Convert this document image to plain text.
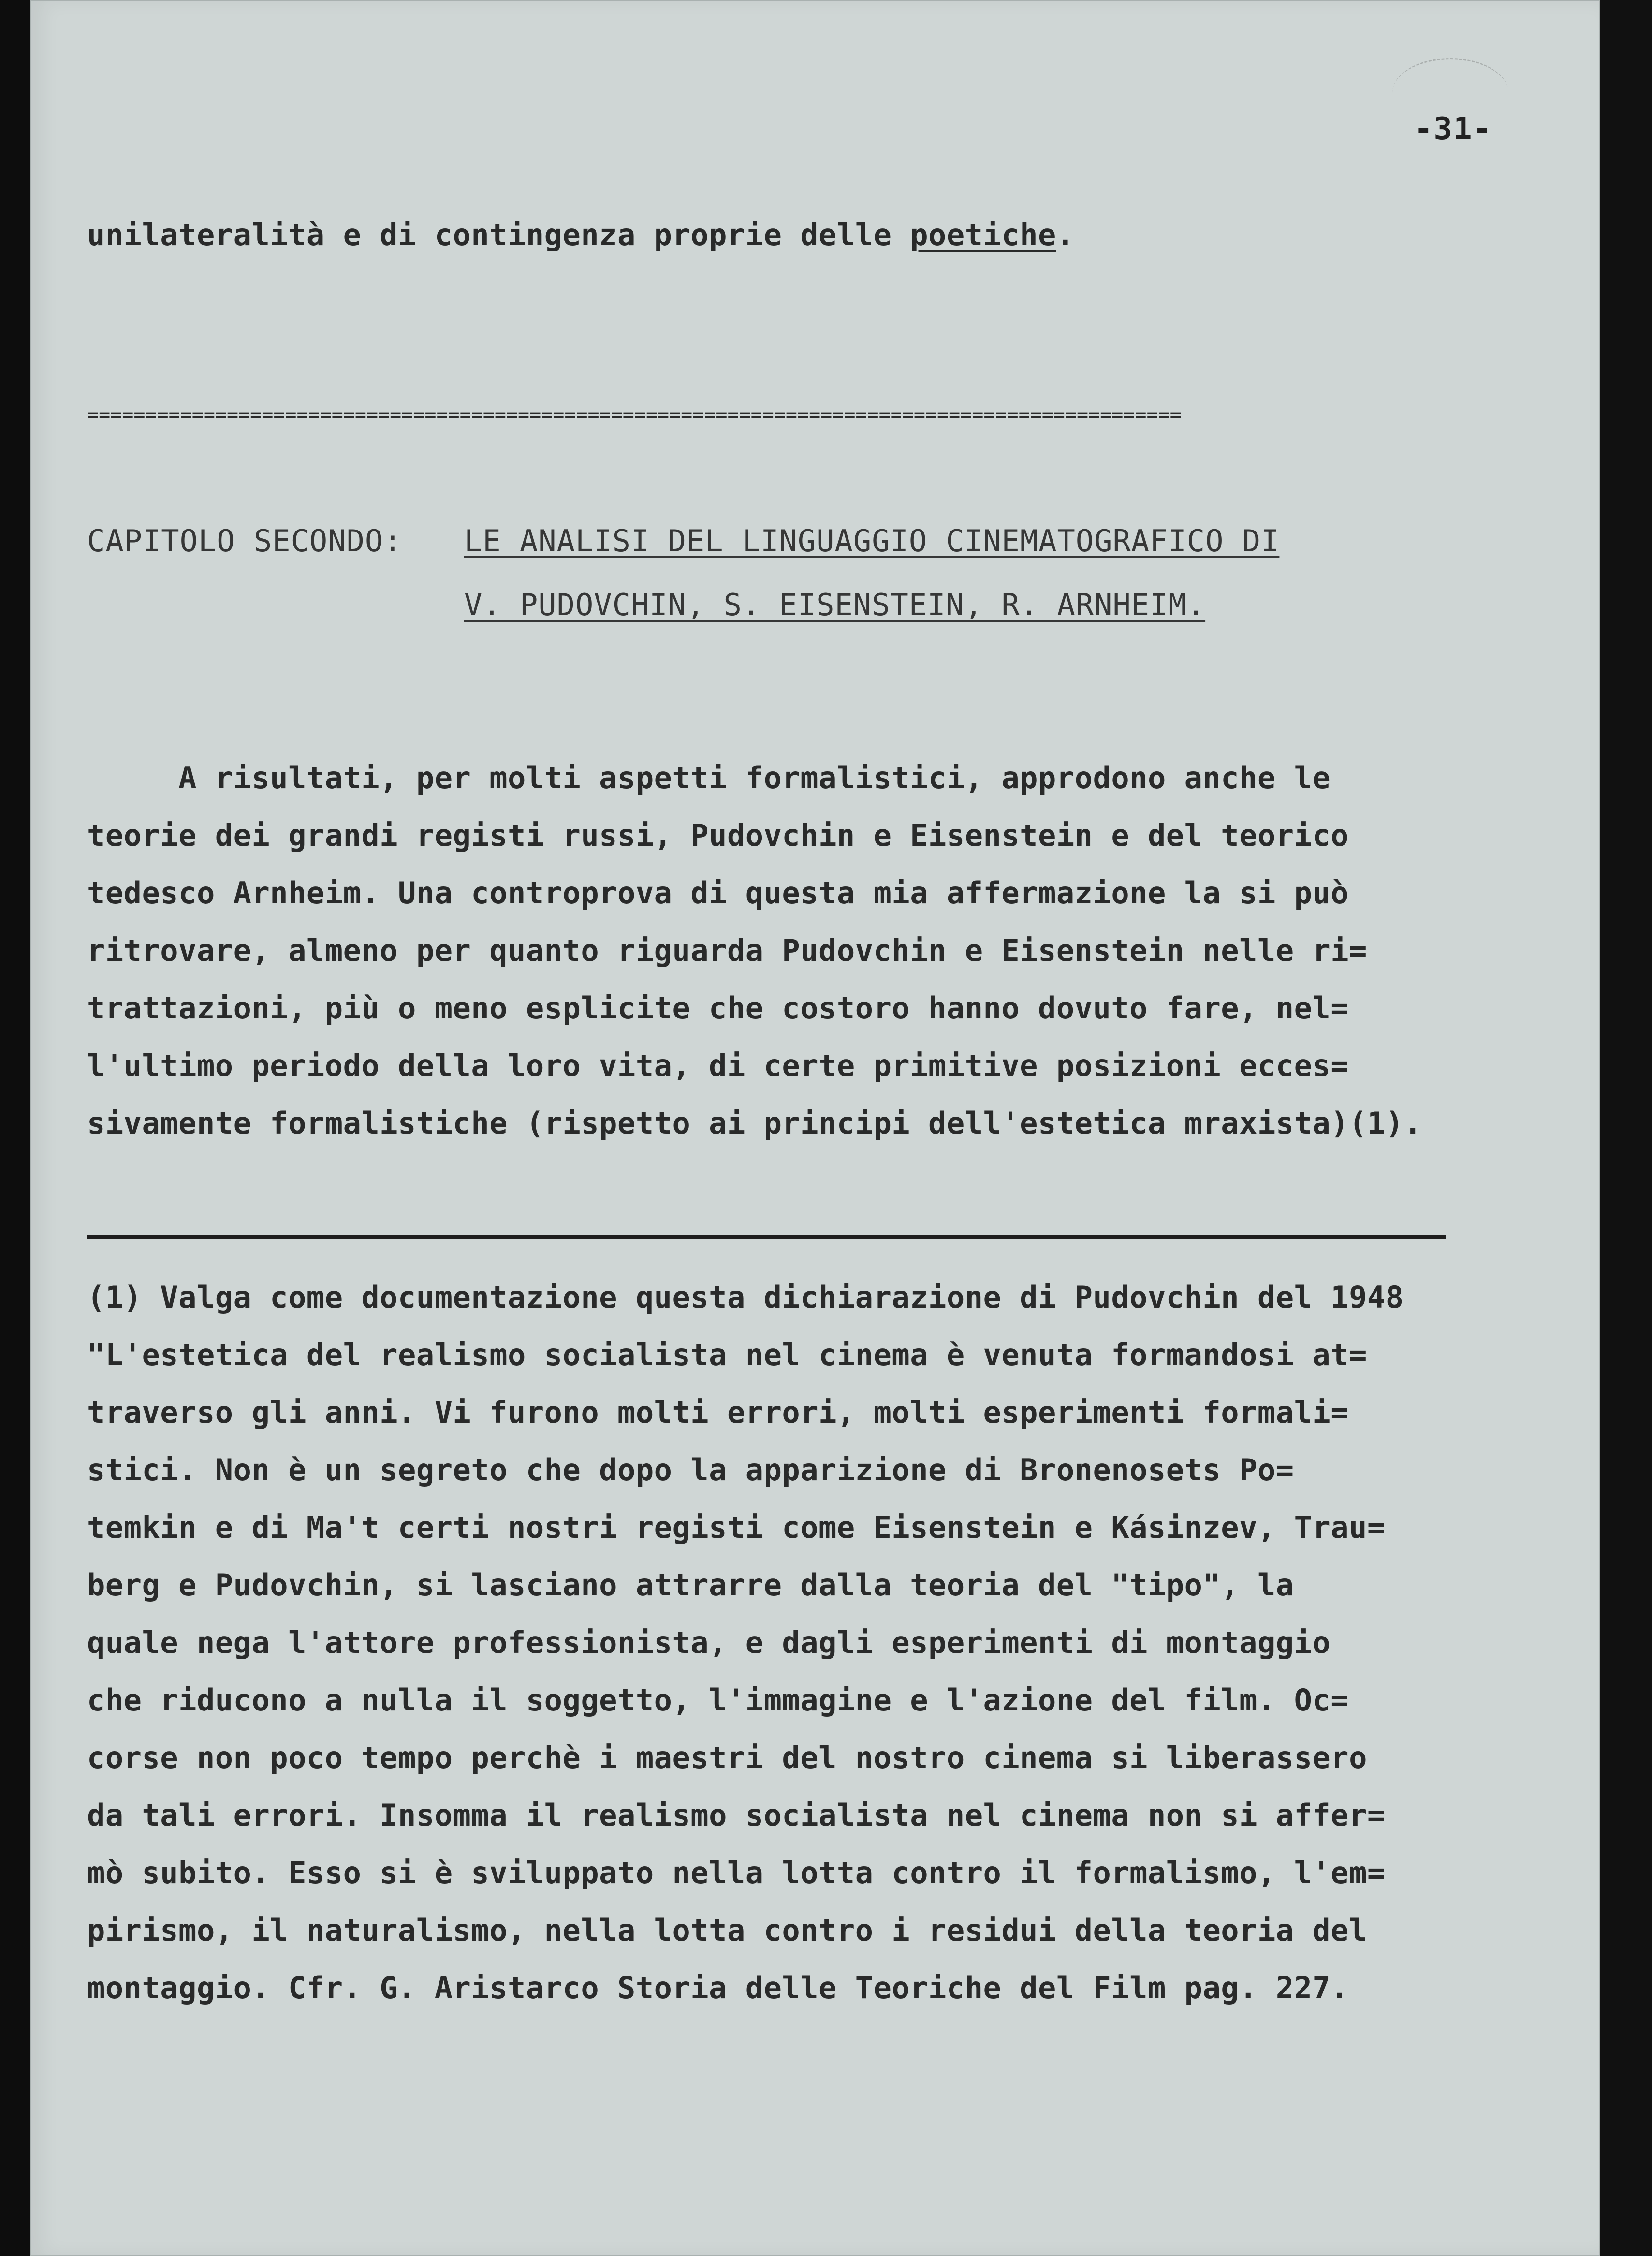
-31-
unilateralità e di contingenza proprie delle poetiche.
==============================================================================================
CAPITOLO SECONDO: LE ANALISI DEL LINGUAGGIO CINEMATOGRAFICO DI
V. PUDOVCHIN, S. EISENSTEIN, R. ARNHEIM.
A risultati, per molti aspetti formalistici, approdono anche le
teorie dei grandi registi russi, Pudovchin e Eisenstein e del teorico
tedesco Arnheim. Una controprova di questa mia affermazione la si può
ritrovare, almeno per quanto riguarda Pudovchin e Eisenstein nelle ri=
trattazioni, più o meno esplicite che costoro hanno dovuto fare, nel=
l'ultimo periodo della loro vita, di certe primitive posizioni ecces=
sivamente formalistiche (rispetto ai principi dell'estetica mraxista)(1).
(1) Valga come documentazione questa dichiarazione di Pudovchin del 1948
"L'estetica del realismo socialista nel cinema è venuta formandosi at=
traverso gli anni. Vi furono molti errori, molti esperimenti formali=
stici. Non è un segreto che dopo la apparizione di Bronenosets Po=
temkin e di Ma't certi nostri registi come Eisenstein e Kásinzev, Trau=
berg e Pudovchin, si lasciano attrarre dalla teoria del "tipo", la
quale nega l'attore professionista, e dagli esperimenti di montaggio
che riducono a nulla il soggetto, l'immagine e l'azione del film. Oc=
corse non poco tempo perchè i maestri del nostro cinema si liberassero
da tali errori. Insomma il realismo socialista nel cinema non si affer=
mò subito. Esso si è sviluppato nella lotta contro il formalismo, l'em=
pirismo, il naturalismo, nella lotta contro i residui della teoria del
montaggio. Cfr. G. Aristarco Storia delle Teoriche del Film pag. 227.
